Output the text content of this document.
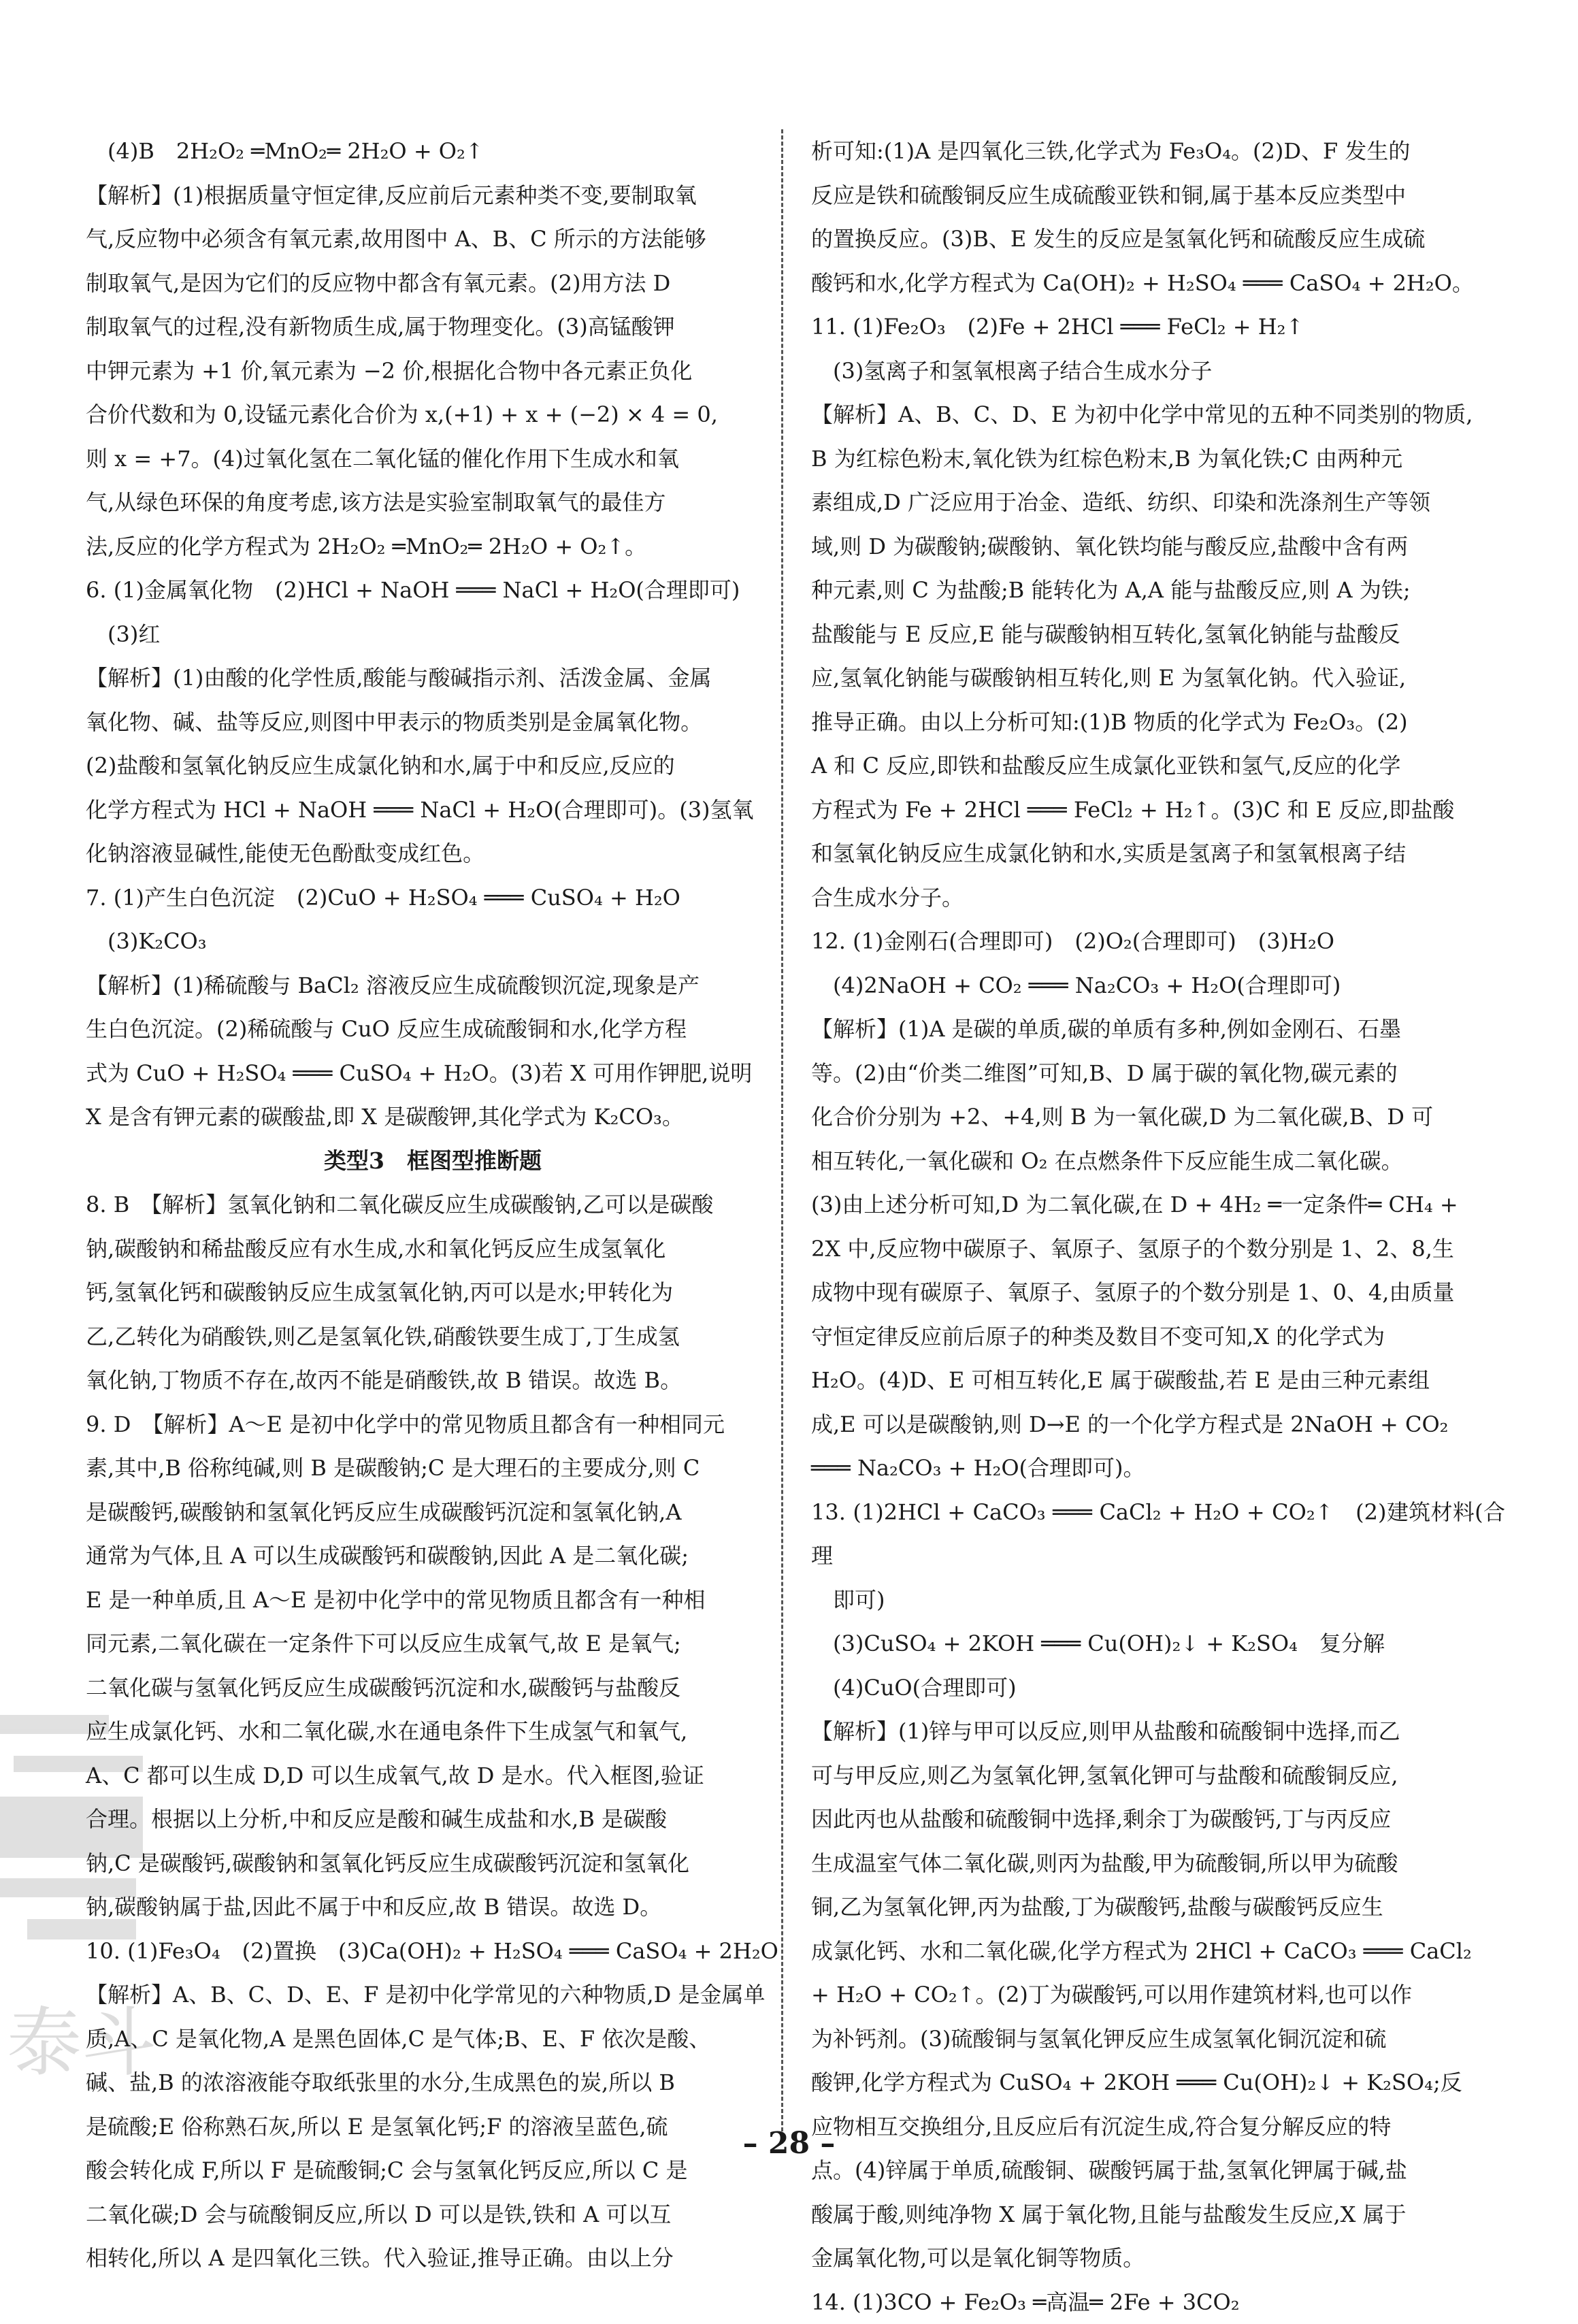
泰斗

(4)B　2H₂O₂ ═MnO₂═ 2H₂O + O₂↑

【解析】(1)根据质量守恒定律,反应前后元素种类不变,要制取氧

气,反应物中必须含有氧元素,故用图中 A、B、C 所示的方法能够

制取氧气,是因为它们的反应物中都含有氧元素。(2)用方法 D

制取氧气的过程,没有新物质生成,属于物理变化。(3)高锰酸钾

中钾元素为 +1 价,氧元素为 −2 价,根据化合物中各元素正负化

合价代数和为 0,设锰元素化合价为 x,(+1) + x + (−2) × 4 = 0,

则 x = +7。(4)过氧化氢在二氧化锰的催化作用下生成水和氧

气,从绿色环保的角度考虑,该方法是实验室制取氧气的最佳方

法,反应的化学方程式为 2H₂O₂ ═MnO₂═ 2H₂O + O₂↑。

6. (1)金属氧化物　(2)HCl + NaOH ═══ NaCl + H₂O(合理即可)

(3)红

【解析】(1)由酸的化学性质,酸能与酸碱指示剂、活泼金属、金属

氧化物、碱、盐等反应,则图中甲表示的物质类别是金属氧化物。

(2)盐酸和氢氧化钠反应生成氯化钠和水,属于中和反应,反应的

化学方程式为 HCl + NaOH ═══ NaCl + H₂O(合理即可)。(3)氢氧

化钠溶液显碱性,能使无色酚酞变成红色。

7. (1)产生白色沉淀　(2)CuO + H₂SO₄ ═══ CuSO₄ + H₂O

(3)K₂CO₃

【解析】(1)稀硫酸与 BaCl₂ 溶液反应生成硫酸钡沉淀,现象是产

生白色沉淀。(2)稀硫酸与 CuO 反应生成硫酸铜和水,化学方程

式为 CuO + H₂SO₄ ═══ CuSO₄ + H₂O。(3)若 X 可用作钾肥,说明

X 是含有钾元素的碳酸盐,即 X 是碳酸钾,其化学式为 K₂CO₃。

类型3　框图型推断题

8. B　【解析】氢氧化钠和二氧化碳反应生成碳酸钠,乙可以是碳酸

钠,碳酸钠和稀盐酸反应有水生成,水和氧化钙反应生成氢氧化

钙,氢氧化钙和碳酸钠反应生成氢氧化钠,丙可以是水;甲转化为

乙,乙转化为硝酸铁,则乙是氢氧化铁,硝酸铁要生成丁,丁生成氢

氧化钠,丁物质不存在,故丙不能是硝酸铁,故 B 错误。故选 B。

9. D　【解析】A～E 是初中化学中的常见物质且都含有一种相同元

素,其中,B 俗称纯碱,则 B 是碳酸钠;C 是大理石的主要成分,则 C

是碳酸钙,碳酸钠和氢氧化钙反应生成碳酸钙沉淀和氢氧化钠,A

通常为气体,且 A 可以生成碳酸钙和碳酸钠,因此 A 是二氧化碳;

E 是一种单质,且 A～E 是初中化学中的常见物质且都含有一种相

同元素,二氧化碳在一定条件下可以反应生成氧气,故 E 是氧气;

二氧化碳与氢氧化钙反应生成碳酸钙沉淀和水,碳酸钙与盐酸反

应生成氯化钙、水和二氧化碳,水在通电条件下生成氢气和氧气,

A、C 都可以生成 D,D 可以生成氧气,故 D 是水。代入框图,验证

合理。根据以上分析,中和反应是酸和碱生成盐和水,B 是碳酸

钠,C 是碳酸钙,碳酸钠和氢氧化钙反应生成碳酸钙沉淀和氢氧化

钠,碳酸钠属于盐,因此不属于中和反应,故 B 错误。故选 D。

10. (1)Fe₃O₄　(2)置换　(3)Ca(OH)₂ + H₂SO₄ ═══ CaSO₄ + 2H₂O

【解析】A、B、C、D、E、F 是初中化学常见的六种物质,D 是金属单

质,A、C 是氧化物,A 是黑色固体,C 是气体;B、E、F 依次是酸、

碱、盐,B 的浓溶液能夺取纸张里的水分,生成黑色的炭,所以 B

是硫酸;E 俗称熟石灰,所以 E 是氢氧化钙;F 的溶液呈蓝色,硫

酸会转化成 F,所以 F 是硫酸铜;C 会与氢氧化钙反应,所以 C 是

二氧化碳;D 会与硫酸铜反应,所以 D 可以是铁,铁和 A 可以互

相转化,所以 A 是四氧化三铁。代入验证,推导正确。由以上分

析可知:(1)A 是四氧化三铁,化学式为 Fe₃O₄。(2)D、F 发生的

反应是铁和硫酸铜反应生成硫酸亚铁和铜,属于基本反应类型中

的置换反应。(3)B、E 发生的反应是氢氧化钙和硫酸反应生成硫

酸钙和水,化学方程式为 Ca(OH)₂ + H₂SO₄ ═══ CaSO₄ + 2H₂O。

11. (1)Fe₂O₃　(2)Fe + 2HCl ═══ FeCl₂ + H₂↑

(3)氢离子和氢氧根离子结合生成水分子

【解析】A、B、C、D、E 为初中化学中常见的五种不同类别的物质,

B 为红棕色粉末,氧化铁为红棕色粉末,B 为氧化铁;C 由两种元

素组成,D 广泛应用于冶金、造纸、纺织、印染和洗涤剂生产等领

域,则 D 为碳酸钠;碳酸钠、氧化铁均能与酸反应,盐酸中含有两

种元素,则 C 为盐酸;B 能转化为 A,A 能与盐酸反应,则 A 为铁;

盐酸能与 E 反应,E 能与碳酸钠相互转化,氢氧化钠能与盐酸反

应,氢氧化钠能与碳酸钠相互转化,则 E 为氢氧化钠。代入验证,

推导正确。由以上分析可知:(1)B 物质的化学式为 Fe₂O₃。(2)

A 和 C 反应,即铁和盐酸反应生成氯化亚铁和氢气,反应的化学

方程式为 Fe + 2HCl ═══ FeCl₂ + H₂↑。(3)C 和 E 反应,即盐酸

和氢氧化钠反应生成氯化钠和水,实质是氢离子和氢氧根离子结

合生成水分子。

12. (1)金刚石(合理即可)　(2)O₂(合理即可)　(3)H₂O

(4)2NaOH + CO₂ ═══ Na₂CO₃ + H₂O(合理即可)

【解析】(1)A 是碳的单质,碳的单质有多种,例如金刚石、石墨

等。(2)由“价类二维图”可知,B、D 属于碳的氧化物,碳元素的

化合价分别为 +2、+4,则 B 为一氧化碳,D 为二氧化碳,B、D 可

相互转化,一氧化碳和 O₂ 在点燃条件下反应能生成二氧化碳。

(3)由上述分析可知,D 为二氧化碳,在 D + 4H₂ ═一定条件═ CH₄ +

2X 中,反应物中碳原子、氧原子、氢原子的个数分别是 1、2、8,生

成物中现有碳原子、氧原子、氢原子的个数分别是 1、0、4,由质量

守恒定律反应前后原子的种类及数目不变可知,X 的化学式为

H₂O。(4)D、E 可相互转化,E 属于碳酸盐,若 E 是由三种元素组

成,E 可以是碳酸钠,则 D→E 的一个化学方程式是 2NaOH + CO₂

═══ Na₂CO₃ + H₂O(合理即可)。

13. (1)2HCl + CaCO₃ ═══ CaCl₂ + H₂O + CO₂↑　(2)建筑材料(合理

即可)

(3)CuSO₄ + 2KOH ═══ Cu(OH)₂↓ + K₂SO₄　复分解

(4)CuO(合理即可)

【解析】(1)锌与甲可以反应,则甲从盐酸和硫酸铜中选择,而乙

可与甲反应,则乙为氢氧化钾,氢氧化钾可与盐酸和硫酸铜反应,

因此丙也从盐酸和硫酸铜中选择,剩余丁为碳酸钙,丁与丙反应

生成温室气体二氧化碳,则丙为盐酸,甲为硫酸铜,所以甲为硫酸

铜,乙为氢氧化钾,丙为盐酸,丁为碳酸钙,盐酸与碳酸钙反应生

成氯化钙、水和二氧化碳,化学方程式为 2HCl + CaCO₃ ═══ CaCl₂

+ H₂O + CO₂↑。(2)丁为碳酸钙,可以用作建筑材料,也可以作

为补钙剂。(3)硫酸铜与氢氧化钾反应生成氢氧化铜沉淀和硫

酸钾,化学方程式为 CuSO₄ + 2KOH ═══ Cu(OH)₂↓ + K₂SO₄;反

应物相互交换组分,且反应后有沉淀生成,符合复分解反应的特

点。(4)锌属于单质,硫酸铜、碳酸钙属于盐,氢氧化钾属于碱,盐

酸属于酸,则纯净物 X 属于氧化物,且能与盐酸发生反应,X 属于

金属氧化物,可以是氧化铜等物质。

14. (1)3CO + Fe₂O₃ ═高温═ 2Fe + 3CO₂

– 28 –
